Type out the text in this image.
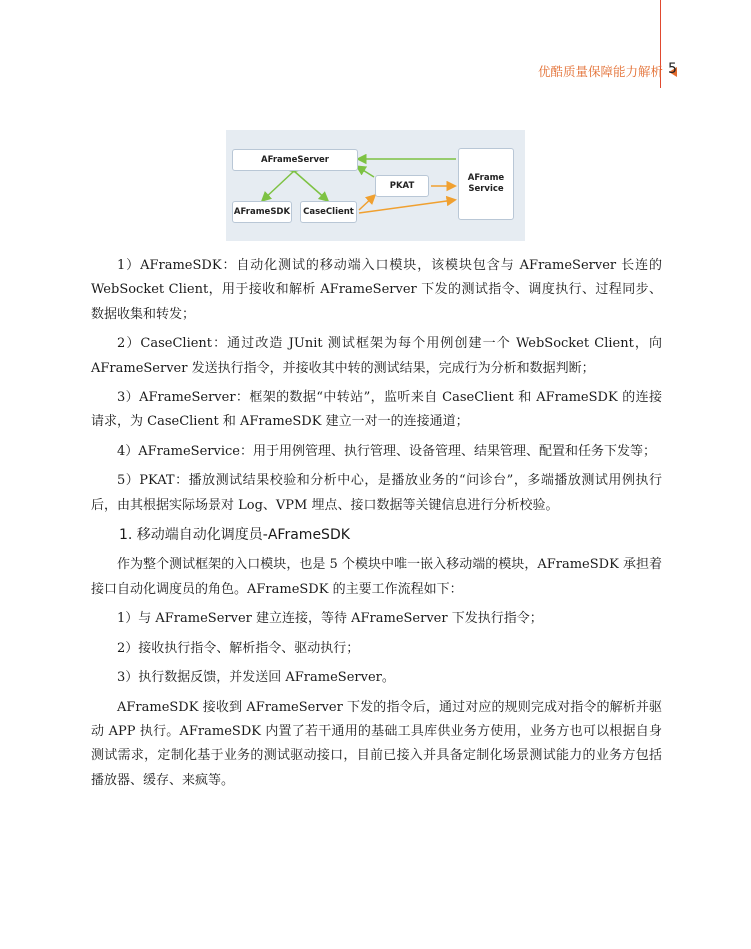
优酷质量保障能力解析 5
AFrameServer
AFrameSDK	CaseClient
PKAT
AFrame
Service

1）AFrameSDK：自动化测试的移动端入口模块，该模块包含与 AFrameServer 长连的 WebSocket Client，用于接收和解析 AFrameServer 下发的测试指令、调度执行、过程同步、数据收集和转发；

2）CaseClient：通过改造 JUnit 测试框架为每个用例创建一个 WebSocket Client，向 AFrameServer 发送执行指令，并接收其中转的测试结果，完成行为分析和数据判断；

3）AFrameServer：框架的数据“中转站”，监听来自 CaseClient 和 AFrameSDK 的连接请求，为 CaseClient 和 AFrameSDK 建立一对一的连接通道；

4）AFrameService：用于用例管理、执行管理、设备管理、结果管理、配置和任务下发等；

5）PKAT：播放测试结果校验和分析中心，是播放业务的“问诊台”，多端播放测试用例执行后，由其根据实际场景对 Log、VPM 埋点、接口数据等关键信息进行分析校验。

1. 移动端自动化调度员-AFrameSDK

作为整个测试框架的入口模块，也是 5 个模块中唯一嵌入移动端的模块，AFrameSDK 承担着接口自动化调度员的角色。AFrameSDK 的主要工作流程如下：

1）与 AFrameServer 建立连接，等待 AFrameServer 下发执行指令；

2）接收执行指令、解析指令、驱动执行；

3）执行数据反馈，并发送回 AFrameServer。

AFrameSDK 接收到 AFrameServer 下发的指令后，通过对应的规则完成对指令的解析并驱动 APP 执行。AFrameSDK 内置了若干通用的基础工具库供业务方使用，业务方也可以根据自身测试需求，定制化基于业务的测试驱动接口，目前已接入并具备定制化场景测试能力的业务方包括播放器、缓存、来疯等。
